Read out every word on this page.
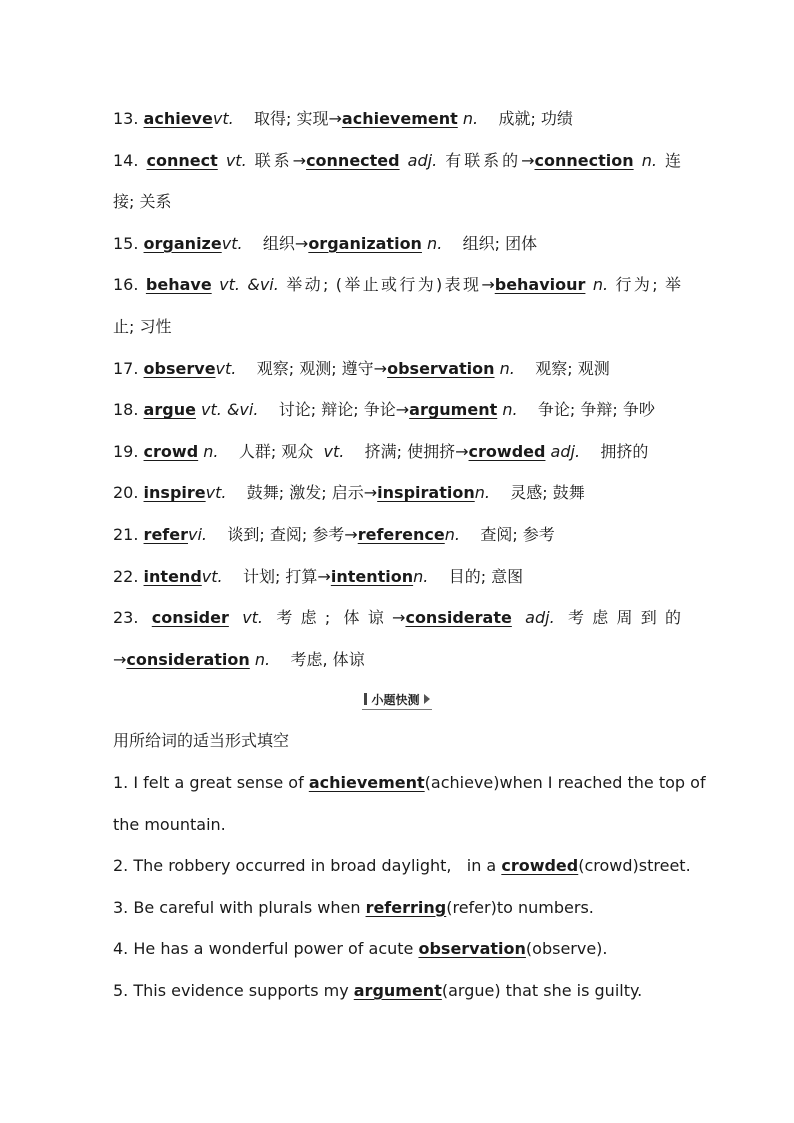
13. achievevt. 取得; 实现→achievement n. 成就; 功绩
14. connect vt. 联系→connected adj. 有联系的→connection n. 连
接; 关系
15. organizevt. 组织→organization n. 组织; 团体
16. behave vt. &vi. 举动; (举止或行为)表现→behaviour n. 行为; 举
止; 习性
17. observevt. 观察; 观测; 遵守→observation n. 观察; 观测
18. argue vt. &vi. 讨论; 辩论; 争论→argument n. 争论; 争辩; 争吵
19. crowd n. 人群; 观众 vt. 挤满; 使拥挤→crowded adj. 拥挤的
20. inspirevt. 鼓舞; 激发; 启示→inspirationn. 灵感; 鼓舞
21. refervi. 谈到; 查阅; 参考→referencen. 查阅; 参考
22. intendvt. 计划; 打算→intentionn. 目的; 意图
23. consider vt. 考虑; 体谅→considerate adj. 考虑周到的
→consideration n. 考虑, 体谅
小题快测
用所给词的适当形式填空
1. I felt a great sense of achievement(achieve)when I reached the top of
the mountain.
2. The robbery occurred in broad daylight,   in a crowded(crowd)street.
3. Be careful with plurals when referring(refer)to numbers.
4. He has a wonderful power of acute observation(observe).
5. This evidence supports my argument(argue) that she is guilty.
